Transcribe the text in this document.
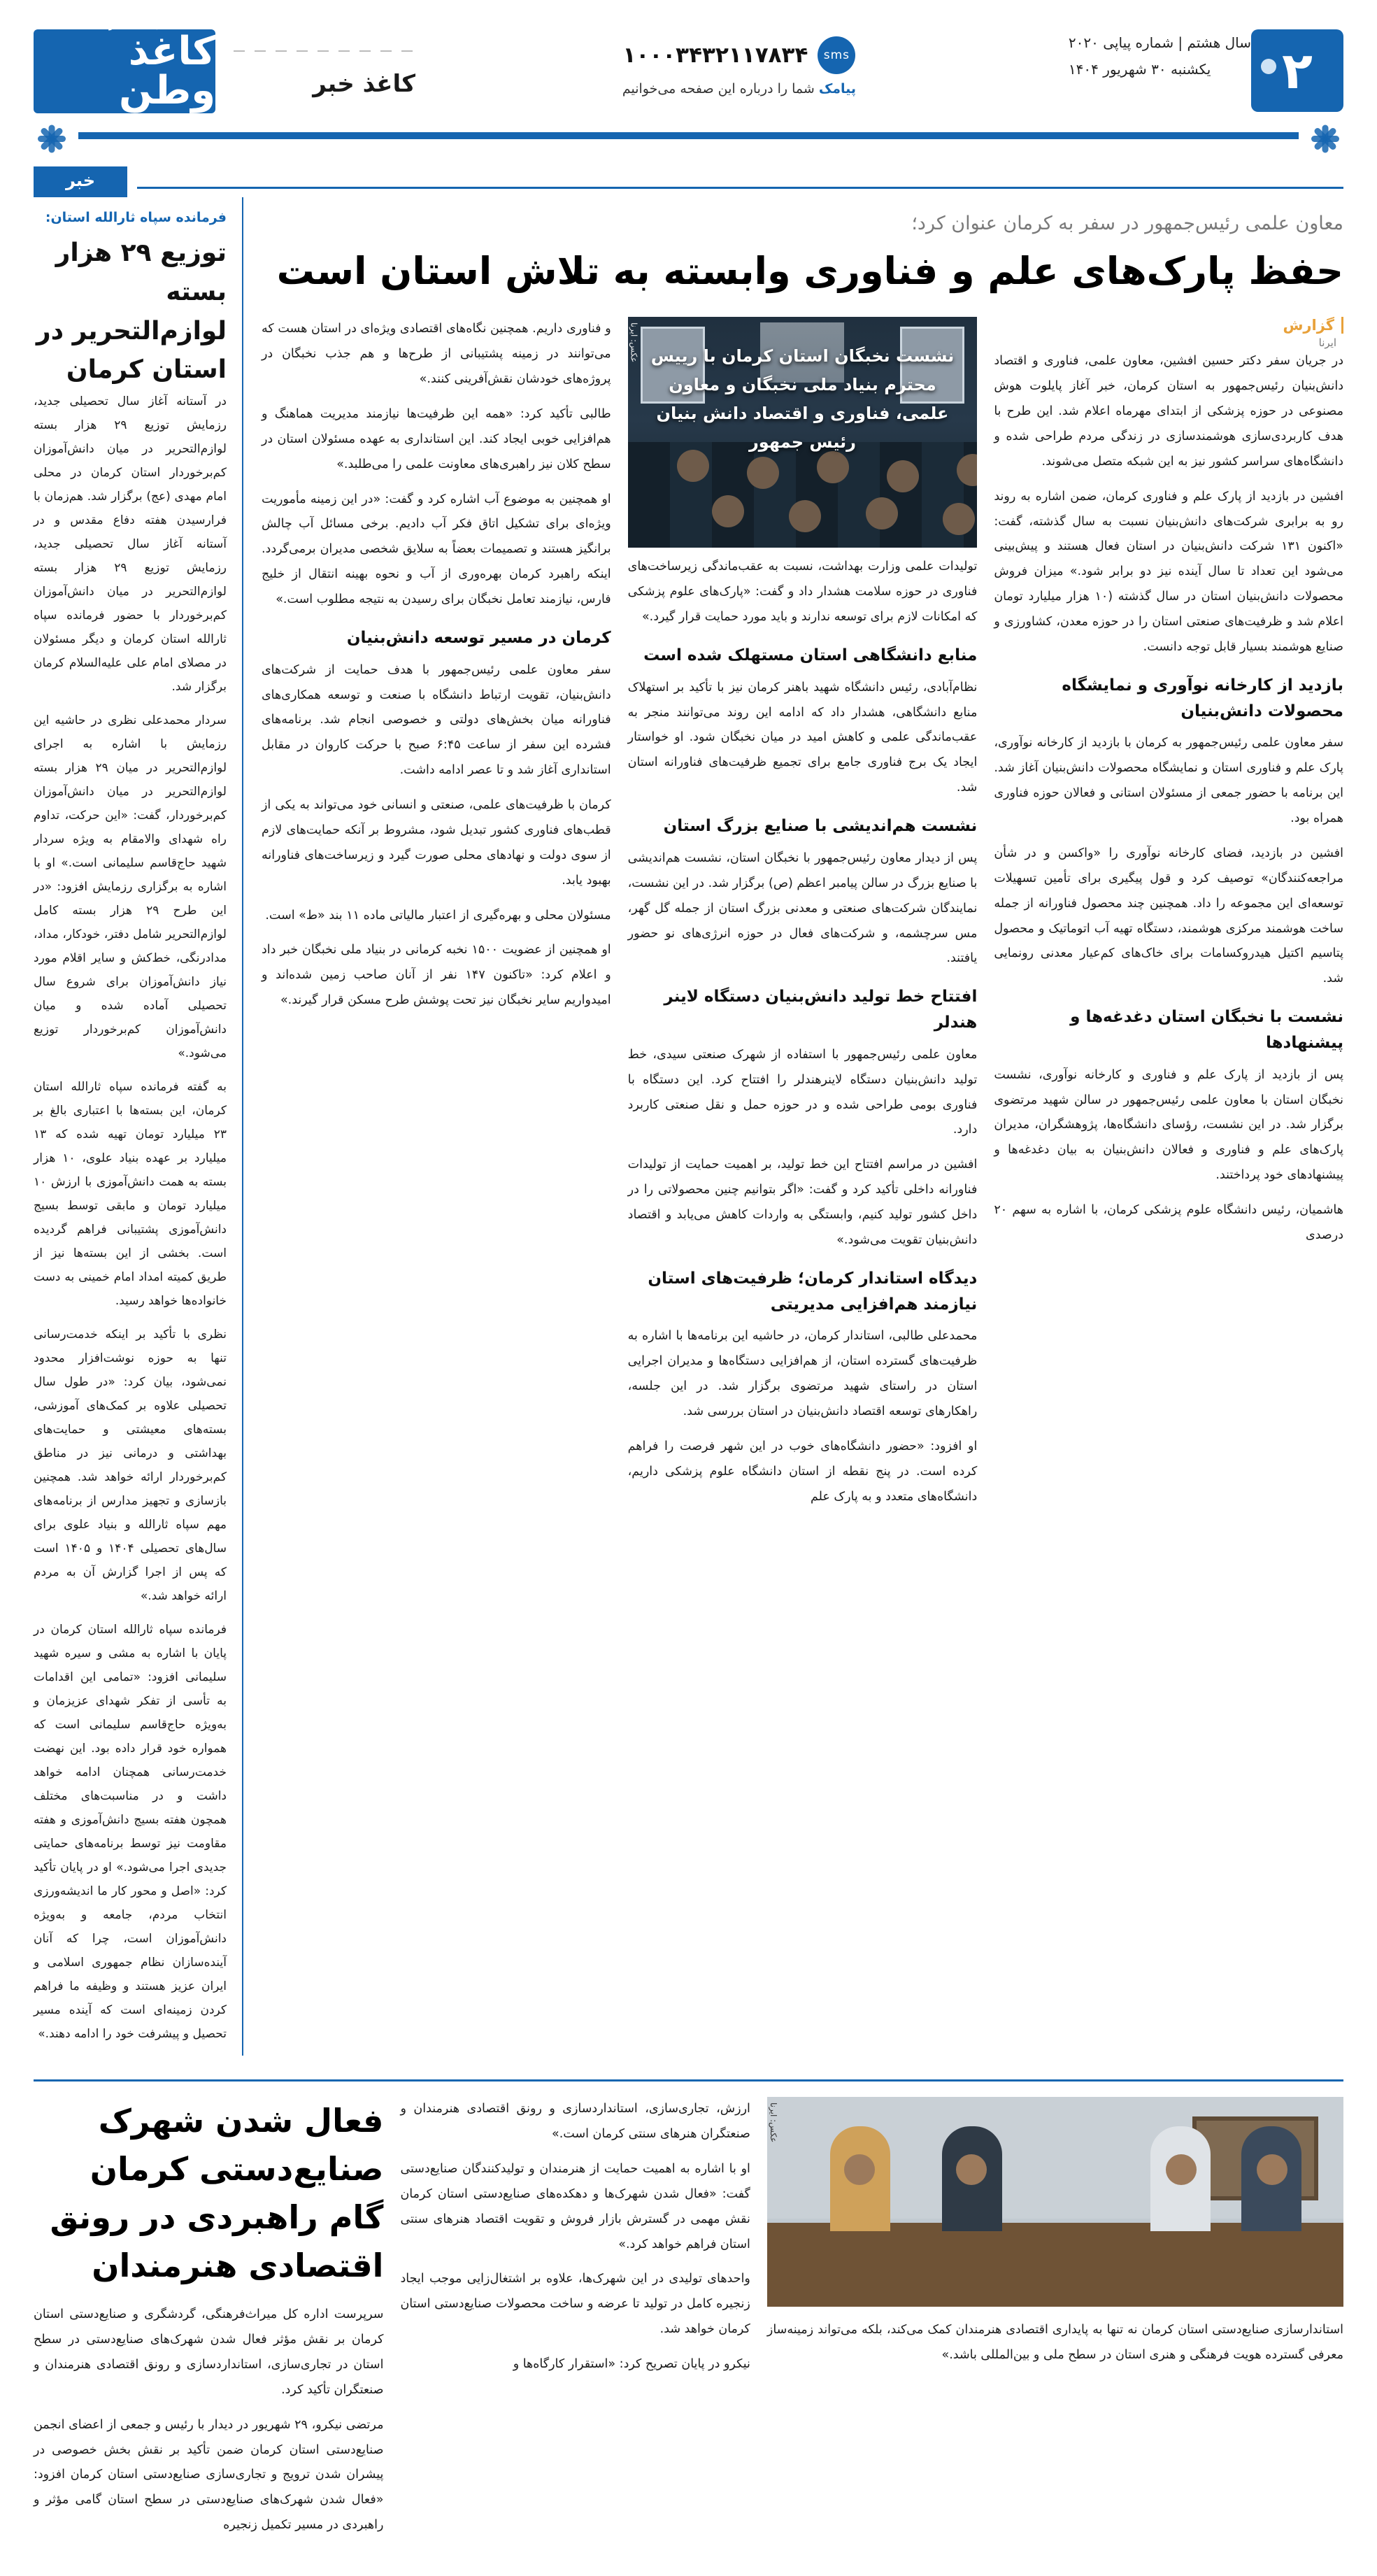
۲
سال هشتم | شماره پیاپی ۲۰۲۰
یکشنبه ۳۰ شهریور ۱۴۰۴
sms
۱۰۰۰۳۴۳۲۱۱۷۸۳۴
پیامک شما را درباره این صفحه می‌خوانیم
کاغذ خبر
اجتماعی، فرهنگی
کاغذ وطن
روزنامه صبح پیام‌رسان استان کرمان و ایران
خبر
معاون علمی رئیس‌جمهور در سفر به کرمان عنوان کرد؛
حفظ پارک‌های علم و فناوری وابسته به تلاش استان است
گزارش
ایرنا

در جریان سفر دکتر حسین افشین، معاون علمی، فناوری و اقتصاد دانش‌بنیان رئیس‌جمهور به استان کرمان، خبر آغاز پایلوت هوش مصنوعی در حوزه پزشکی از ابتدای مهرماه اعلام شد. این طرح با هدف کاربردی‌سازی هوشمندسازی در زندگی مردم طراحی شده و دانشگاه‌های سراسر کشور نیز به این شبکه متصل می‌شوند.

افشین در بازدید از پارک علم و فناوری کرمان، ضمن اشاره به روند رو به برابری شرکت‌های دانش‌بنیان نسبت به سال گذشته، گفت: «اکنون ۱۳۱ شرکت دانش‌بنیان در استان فعال هستند و پیش‌بینی می‌شود این تعداد تا سال آینده نیز دو برابر شود.» میزان فروش محصولات دانش‌بنیان استان در سال گذشته (۱۰ هزار میلیارد تومان اعلام شد و ظرفیت‌های صنعتی استان را در حوزه معدن، کشاورزی و صنایع هوشمند بسیار قابل توجه دانست.

بازدید از کارخانه نوآوری و نمایشگاه محصولات دانش‌بنیان

سفر معاون علمی رئیس‌جمهور به کرمان با بازدید از کارخانه نوآوری، پارک علم و فناوری استان و نمایشگاه محصولات دانش‌بنیان آغاز شد. این برنامه با حضور جمعی از مسئولان استانی و فعالان حوزه فناوری همراه بود.

افشین در بازدید، فضای کارخانه نوآوری را «واکسن و در شأن مراجعه‌کنندگان» توصیف کرد و قول پیگیری برای تأمین تسهیلات توسعه‌ای این مجموعه را داد. همچنین چند محصول فناورانه از جمله ساخت هوشمند مرکزی هوشمند، دستگاه تهیه آب اتوماتیک و محصول پتاسیم اکتیل هیدروکسامات برای خاک‌های کم‌عیار معدنی رونمایی شد.

نشست با نخبگان استان دغدغه‌ها و پیشنهادها

پس از بازدید از پارک علم و فناوری و کارخانه نوآوری، نشست نخبگان استان با معاون علمی رئیس‌جمهور در سالن شهید مرتضوی برگزار شد. در این نشست، رؤسای دانشگاه‌ها، پژوهشگران، مدیران پارک‌های علم و فناوری و فعالان دانش‌بنیان به بیان دغدغه‌ها و پیشنهادهای خود پرداختند.

هاشمیان، رئیس دانشگاه علوم پزشکی کرمان، با اشاره به سهم ۲۰ درصدی

نشست نخبگان استان کرمان با رییس محترم بنیاد ملی نخبگان و معاون علمی، فناوری و اقتصاد دانش بنیان رئیس جمهور
عکس: ایرنا

تولیدات علمی وزارت بهداشت، نسبت به عقب‌ماندگی زیرساخت‌های فناوری در حوزه سلامت هشدار داد و گفت: «پارک‌های علوم پزشکی که امکانات لازم برای توسعه ندارند و باید مورد حمایت قرار گیرد.»

منابع دانشگاهی استان مستهلک شده است

نظام‌آبادی، رئیس دانشگاه شهید باهنر کرمان نیز با تأکید بر استهلاک منابع دانشگاهی، هشدار داد که ادامه این روند می‌توانند منجر به عقب‌ماندگی علمی و کاهش امید در میان نخبگان شود. او خواستار ایجاد یک برج فناوری جامع برای تجمیع ظرفیت‌های فناورانه استان شد.

نشست هم‌اندیشی با صنایع بزرگ استان

پس از دیدار معاون رئیس‌جمهور با نخبگان استان، نشست هم‌اندیشی با صنایع بزرگ در سالن پیامبر اعظم (ص) برگزار شد. در این نشست، نمایندگان شرکت‌های صنعتی و معدنی بزرگ استان از جمله گل گهر، مس سرچشمه، و شرکت‌های فعال در حوزه انرژی‌های نو حضور یافتند.

افتتاح خط تولید دانش‌بنیان دستگاه لاینر هندلر

معاون علمی رئیس‌جمهور با استفاده از شهرک صنعتی سیدی، خط تولید دانش‌بنیان دستگاه لاینرهندلر را افتتاح کرد. این دستگاه با فناوری بومی طراحی شده و در حوزه حمل و نقل صنعتی کاربرد دارد.

افشین در مراسم افتتاح این خط تولید، بر اهمیت حمایت از تولیدات فناورانه داخلی تأکید کرد و گفت: «اگر بتوانیم چنین محصولاتی را در داخل کشور تولید کنیم، وابستگی به واردات کاهش می‌یابد و اقتصاد دانش‌بنیان تقویت می‌شود.»

دیدگاه استاندار کرمان؛ ظرفیت‌های استان نیازمند هم‌افزایی مدیریتی

محمدعلی طالبی، استاندار کرمان، در حاشیه این برنامه‌ها با اشاره به ظرفیت‌های گسترده استان، از هم‌افزایی دستگاه‌ها و مدیران اجرایی استان در راستای شهید مرتضوی برگزار شد. در این جلسه، راهکارهای توسعه اقتصاد دانش‌بنیان در استان بررسی شد.

او افزود: «حضور دانشگاه‌های خوب در این شهر فرصت را فراهم کرده است. در پنج نقطه از استان دانشگاه علوم پزشکی داریم، دانشگاه‌های متعدد و به پارک علم

و فناوری داریم. همچنین نگاه‌های اقتصادی ویژه‌ای در استان هست که می‌توانند در زمینه پشتیبانی از طرح‌ها و هم جذب نخبگان در پروژه‌های خودشان نقش‌آفرینی کنند.»

طالبی تأکید کرد: «همه این ظرفیت‌ها نیازمند مدیریت هماهنگ و هم‌افزایی خوبی ایجاد کند. این استانداری به عهده مسئولان استان در سطح کلان نیز راهبری‌های معاونت علمی را می‌طلبد.»

او همچنین به موضوع آب اشاره کرد و گفت: «در این زمینه مأموریت ویژه‌ای برای تشکیل اتاق فکر آب دادیم. برخی مسائل آب چالش برانگیز هستند و تصمیمات بعضاً به سلایق شخصی مدیران برمی‌گردد. اینکه راهبرد کرمان بهره‌وری از آب و نحوه بهینه انتقال از خلیج فارس، نیازمند تعامل نخبگان برای رسیدن به نتیجه مطلوب است.»

کرمان در مسیر توسعه دانش‌بنیان

سفر معاون علمی رئیس‌جمهور با هدف حمایت از شرکت‌های دانش‌بنیان، تقویت ارتباط دانشگاه با صنعت و توسعه همکاری‌های فناورانه میان بخش‌های دولتی و خصوصی انجام شد. برنامه‌های فشرده این سفر از ساعت ۶:۴۵ صبح با حرکت کاروان در مقابل استانداری آغاز شد و تا عصر ادامه داشت.

کرمان با ظرفیت‌های علمی، صنعتی و انسانی خود می‌تواند به یکی از قطب‌های فناوری کشور تبدیل شود، مشروط بر آنکه حمایت‌های لازم از سوی دولت و نهادهای محلی صورت گیرد و زیرساخت‌های فناورانه بهبود یابد.

مسئولان محلی و بهره‌گیری از اعتبار مالیاتی ماده ۱۱ بند «ط» است.

او همچنین از عضویت ۱۵۰۰ نخبه کرمانی در بنیاد ملی نخبگان خبر داد و اعلام کرد: «تاکنون ۱۴۷ نفر از آنان صاحب زمین شده‌اند و امیدواریم سایر نخبگان نیز تحت پوشش طرح مسکن قرار گیرند.»

فرمانده سپاه ثارالله استان:
توزیع ۲۹ هزار بسته لوازم‌التحریر در استان کرمان

در آستانه آغاز سال تحصیلی جدید، رزمایش توزیع ۲۹ هزار بسته لوازم‌التحریر در میان دانش‌آموزان کم‌برخوردار استان کرمان در محلی امام مهدی (عج) برگزار شد. هم‌زمان با فرارسیدن هفته دفاع مقدس و در آستانه آغاز سال تحصیلی جدید، رزمایش توزیع ۲۹ هزار بسته لوازم‌التحریر در میان دانش‌آموزان کم‌برخوردار با حضور فرمانده سپاه ثارالله استان کرمان و دیگر مسئولان در مصلای امام علی علیه‌السلام کرمان برگزار شد.

سردار محمدعلی نظری در حاشیه این رزمایش با اشاره به اجرای لوازم‌التحریر در میان ۲۹ هزار بسته لوازم‌التحریر در میان دانش‌آموزان کم‌برخوردار، گفت: «این حرکت، تداوم راه شهدای والامقام به ویژه سردار شهید حاج‌قاسم سلیمانی است.» او با اشاره به برگزاری رزمایش افزود: «در این طرح ۲۹ هزار بسته کامل لوازم‌التحریر شامل دفتر، خودکار، مداد، مدادرنگی، خط‌کش و سایر اقلام مورد نیاز دانش‌آموزان برای شروع سال تحصیلی آماده شده و میان دانش‌آموزان کم‌برخوردار توزیع می‌شود.»

به گفته فرمانده سپاه ثارالله استان کرمان، این بسته‌ها با اعتباری بالغ بر ۲۳ میلیارد تومان تهیه شده که ۱۳ میلیارد بر عهده بنیاد علوی، ۱۰ هزار بسته به همت دانش‌آموزی با ارزش ۱۰ میلیارد تومان و مابقی توسط بسیج دانش‌آموزی پشتیبانی فراهم گردیده است. بخشی از این بسته‌ها نیز از طریق کمیته امداد امام خمینی به دست خانواده‌ها خواهد رسید.

نظری با تأکید بر اینکه خدمت‌رسانی تنها به حوزه نوشت‌افزار محدود نمی‌شود، بیان کرد: «در طول سال تحصیلی علاوه بر کمک‌های آموزشی، بسته‌های معیشتی و حمایت‌های بهداشتی و درمانی نیز در مناطق کم‌برخوردار ارائه خواهد شد. همچنین بازسازی و تجهیز مدارس از برنامه‌های مهم سپاه ثارالله و بنیاد علوی برای سال‌های تحصیلی ۱۴۰۴ و ۱۴۰۵ است که پس از اجرا گزارش آن به مردم ارائه خواهد شد.»

فرمانده سپاه ثارالله استان کرمان در پایان با اشاره به مشی و سیره شهید سلیمانی افزود: «تمامی این اقدامات به تأسی از تفکر شهدای عزیزمان و به‌ویژه حاج‌قاسم سلیمانی است که همواره خود قرار داده بود. این نهضت خدمت‌رسانی همچنان ادامه خواهد داشت و در مناسبت‌های مختلف همچون هفته بسیج دانش‌آموزی و هفته مقاومت نیز توسط برنامه‌های حمایتی جدیدی اجرا می‌شود.» او در پایان تأکید کرد: «اصل و محور کار ما اندیشه‌ورزی انتخاب مردم، جامعه و به‌ویژه دانش‌آموزان است، چرا که آنان آینده‌سازان نظام جمهوری اسلامی و ایران عزیز هستند و وظیفه ما فراهم کردن زمینه‌ای است که آینده مسیر تحصیل و پیشرفت خود را ادامه دهند.»

عکس: ایرنا

استاندارسازی صنایع‌دستی استان کرمان نه تنها به پایداری اقتصادی هنرمندان کمک می‌کند، بلکه می‌تواند زمینه‌ساز معرفی گسترده هویت فرهنگی و هنری استان در سطح ملی و بین‌المللی باشد.»

ارزش، تجاری‌سازی، استانداردسازی و رونق اقتصادی هنرمندان و صنعتگران هنرهای سنتی کرمان است.»

او با اشاره به اهمیت حمایت از هنرمندان و تولیدکنندگان صنایع‌دستی گفت: «فعال شدن شهرک‌ها و دهکده‌های صنایع‌دستی استان کرمان نقش مهمی در گسترش بازار فروش و تقویت اقتصاد هنرهای سنتی استان فراهم خواهد کرد.»

واحدهای تولیدی در این شهرک‌ها، علاوه بر اشتغال‌زایی موجب ایجاد زنجیره کامل در تولید تا عرضه و ساخت محصولات صنایع‌دستی استان کرمان خواهد شد.

نیکرو در پایان تصریح کرد: «استقرار کارگاه‌ها و

فعال شدن شهرک صنایع‌دستی کرمان گام راهبردی در رونق اقتصادی هنرمندان

سرپرست اداره کل میراث‌فرهنگی، گردشگری و صنایع‌دستی استان کرمان بر نقش مؤثر فعال شدن شهرک‌های صنایع‌دستی در سطح استان در تجاری‌سازی، استانداردسازی و رونق اقتصادی هنرمندان و صنعتگران تأکید کرد.

مرتضی نیکرو، ۲۹ شهریور در دیدار با رئیس و جمعی از اعضای انجمن صنایع‌دستی استان کرمان ضمن تأکید بر نقش بخش خصوصی در پیشران شدن ترویج و تجاری‌سازی صنایع‌دستی استان کرمان افزود: «فعال شدن شهرک‌های صنایع‌دستی در سطح استان گامی مؤثر و راهبردی در مسیر تکمیل زنجیره
